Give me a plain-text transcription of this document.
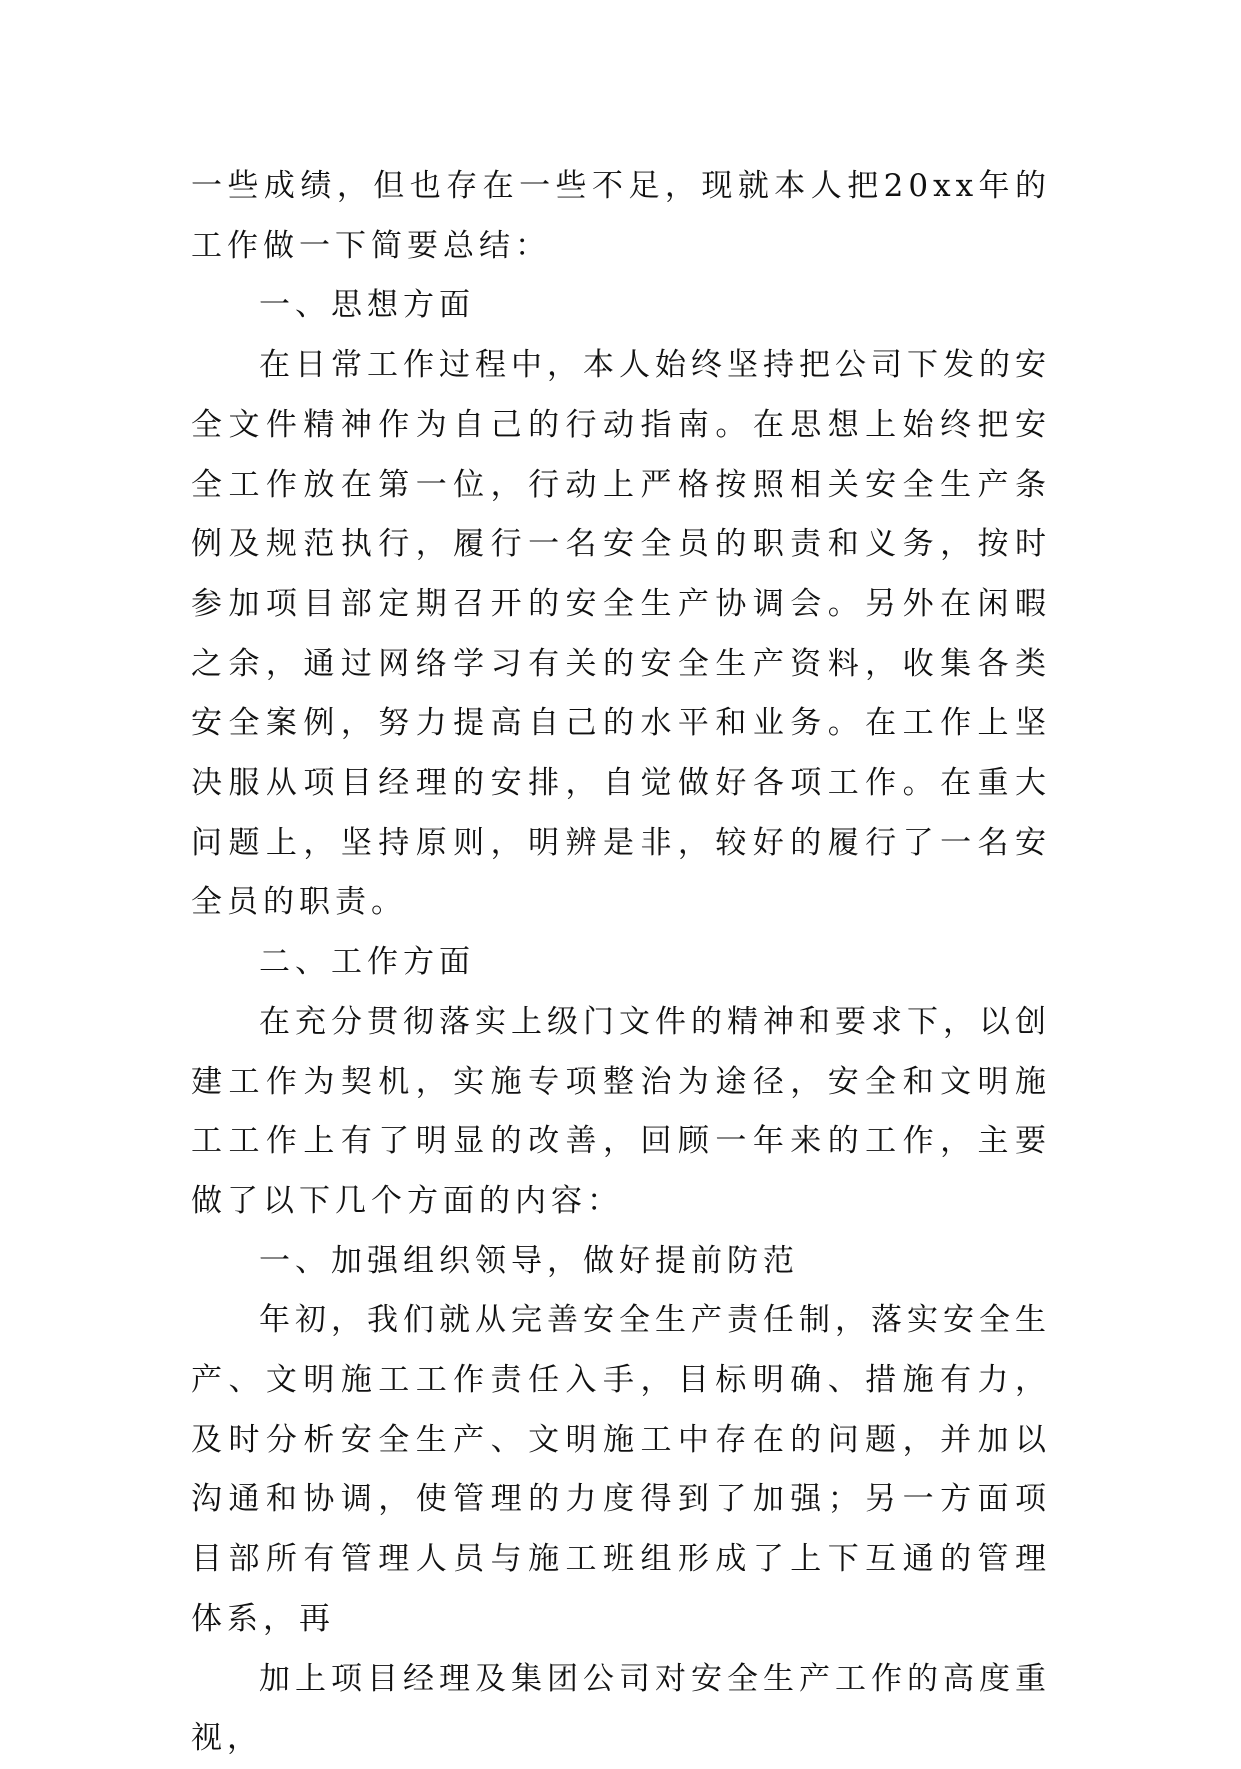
一些成绩，但也存在一些不足，现就本人把20xx年的工作做一下简要总结：

一、思想方面

在日常工作过程中，本人始终坚持把公司下发的安全文件精神作为自己的行动指南。在思想上始终把安全工作放在第一位，行动上严格按照相关安全生产条例及规范执行，履行一名安全员的职责和义务，按时参加项目部定期召开的安全生产协调会。另外在闲暇之余，通过网络学习有关的安全生产资料，收集各类安全案例，努力提高自己的水平和业务。在工作上坚决服从项目经理的安排，自觉做好各项工作。在重大问题上，坚持原则，明辨是非，较好的履行了一名安全员的职责。

二、工作方面

在充分贯彻落实上级门文件的精神和要求下，以创建工作为契机，实施专项整治为途径，安全和文明施工工作上有了明显的改善，回顾一年来的工作，主要做了以下几个方面的内容：

一、加强组织领导，做好提前防范

年初，我们就从完善安全生产责任制，落实安全生产、文明施工工作责任入手，目标明确、措施有力，及时分析安全生产、文明施工中存在的问题，并加以沟通和协调，使管理的力度得到了加强；另一方面项目部所有管理人员与施工班组形成了上下互通的管理体系，再

加上项目经理及集团公司对安全生产工作的高度重视，
